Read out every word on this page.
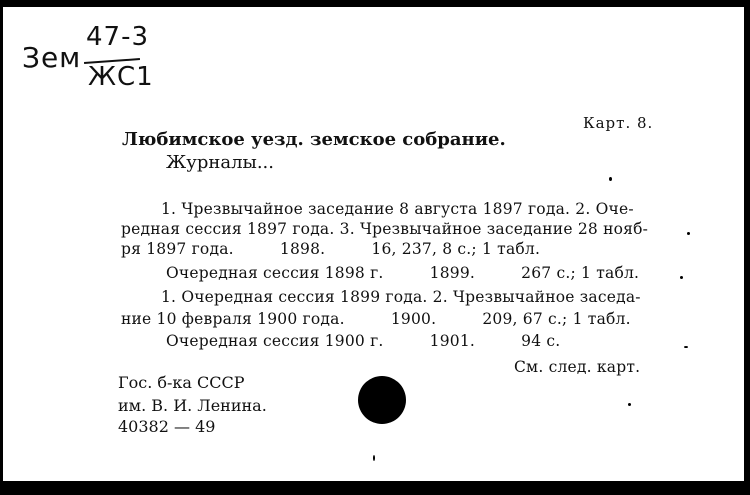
Зем
47-3
ЖС1
Карт. 8.
Любимское уезд. земское собрание.
Журналы...
1. Чрезвычайное заседание 8 августа 1897 года. 2. Оче-
редная сессия 1897 года. 3. Чрезвычайное заседание 28 нояб-
ря 1897 года.         1898.         16, 237, 8 с.; 1 табл.
Очередная сессия 1898 г.         1899.         267 с.; 1 табл.
1. Очередная сессия 1899 года. 2. Чрезвычайное заседа-
ние 10 февраля 1900 года.         1900.         209, 67 с.; 1 табл.
Очередная сессия 1900 г.         1901.         94 с.
См. след. карт.
Гос. б-ка СССР
им. В. И. Ленина.
40382 — 49
